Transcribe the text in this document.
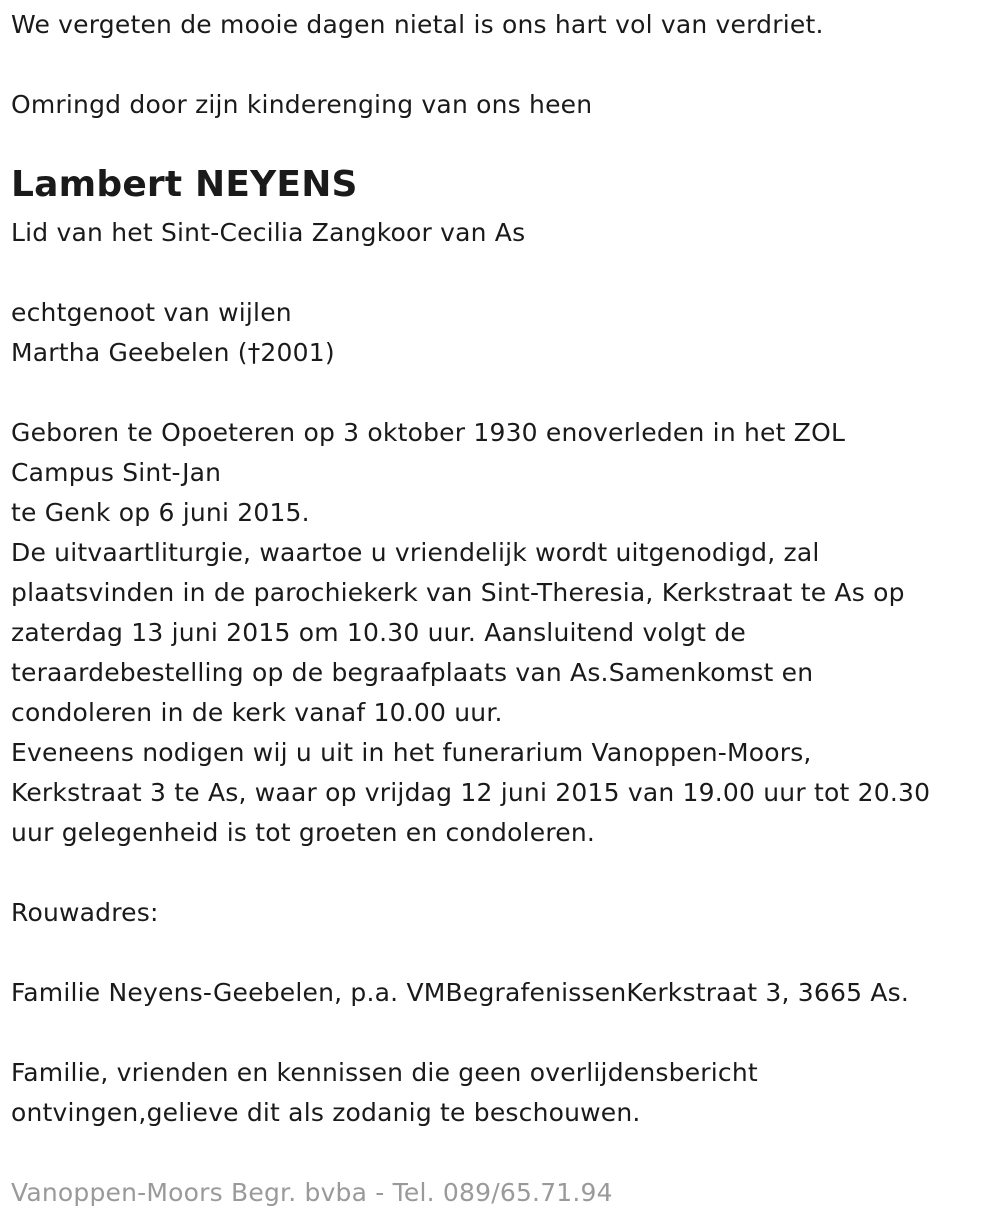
We vergeten de mooie dagen nietal is ons hart vol van verdriet.
Omringd door zijn kinderenging van ons heen
Lambert NEYENS
Lid van het Sint-Cecilia Zangkoor van As
echtgenoot van wijlen
Martha Geebelen (†2001)
Geboren te Opoeteren op 3 oktober 1930 enoverleden in het ZOL
Campus Sint-Jan
te Genk op 6 juni 2015.
De uitvaartliturgie, waartoe u vriendelijk wordt uitgenodigd, zal
plaatsvinden in de parochiekerk van Sint-Theresia, Kerkstraat te As op
zaterdag 13 juni 2015 om 10.30 uur. Aansluitend volgt de
teraardebestelling op de begraafplaats van As.Samenkomst en
condoleren in de kerk vanaf 10.00 uur.
Eveneens nodigen wij u uit in het funerarium Vanoppen-Moors,
Kerkstraat 3 te As, waar op vrijdag 12 juni 2015 van 19.00 uur tot 20.30
uur gelegenheid is tot groeten en condoleren.
Rouwadres:
Familie Neyens-Geebelen, p.a. VMBegrafenissenKerkstraat 3, 3665 As.
Familie, vrienden en kennissen die geen overlijdensbericht
ontvingen,gelieve dit als zodanig te beschouwen.
Vanoppen-Moors Begr. bvba - Tel. 089/65.71.94
